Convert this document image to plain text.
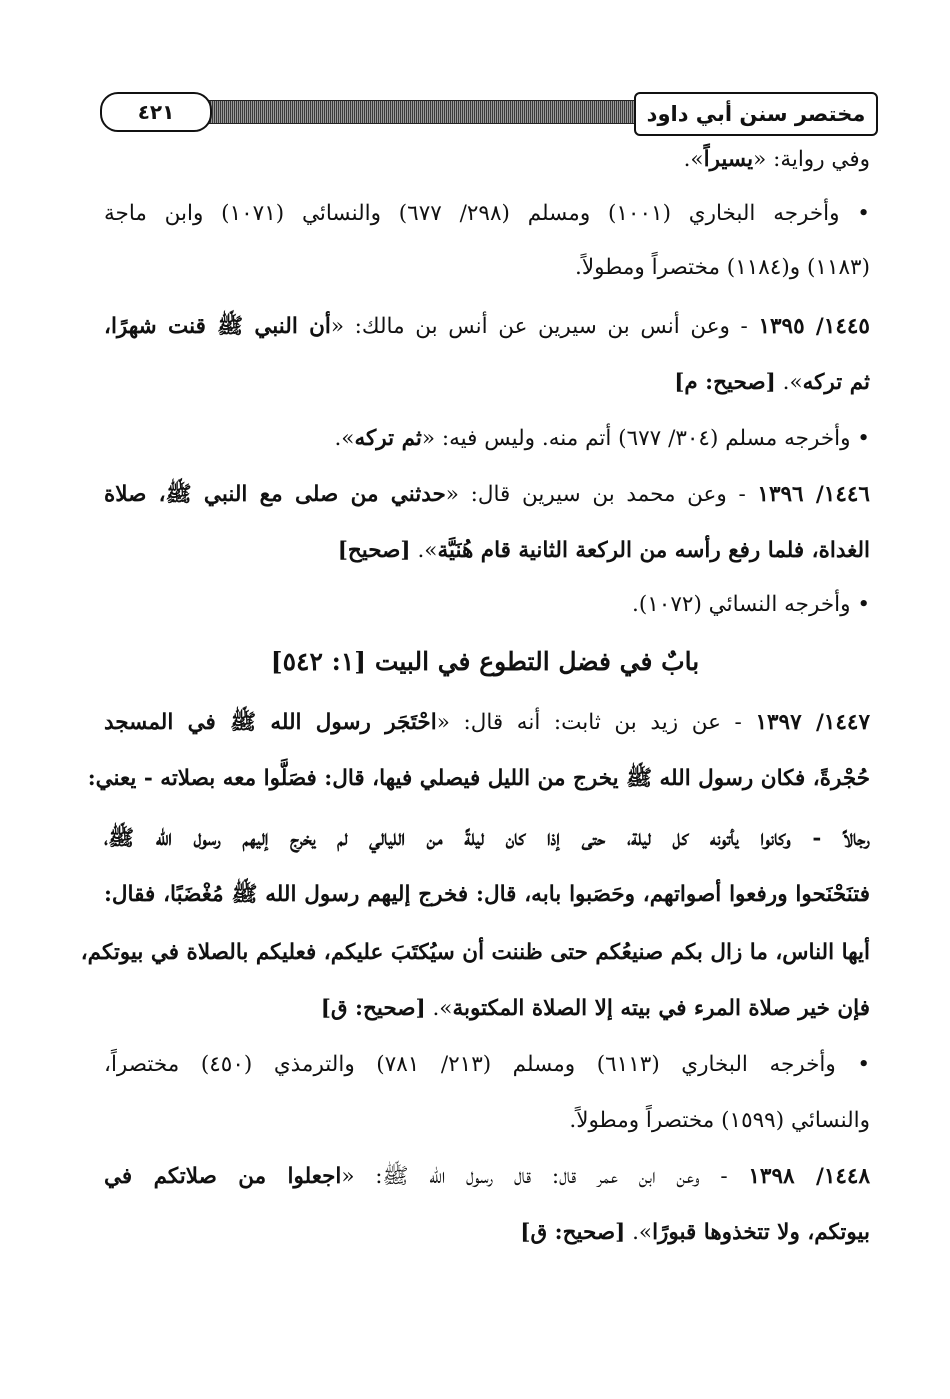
٤٢١	مختصر سنن أبي داود
وفي رواية: «يسيراً».
• وأخرجه البخاري (١٠٠١) ومسلم (٢٩٨/ ٦٧٧) والنسائي (١٠٧١) وابن ماجة
(١١٨٣) و(١١٨٤) مختصراً ومطولاً.
١٤٤٥/ ١٣٩٥ - وعن أنس بن سيرين عن أنس بن مالك: «أن النبي ﷺ قنت شهرًا،
ثم تركه». [صحيح: م]
• وأخرجه مسلم (٣٠٤/ ٦٧٧) أتم منه. وليس فيه: «ثم تركه».
١٤٤٦/ ١٣٩٦ - وعن محمد بن سيرين قال: «حدثني من صلى مع النبي ﷺ، صلاة
الغداة، فلما رفع رأسه من الركعة الثانية قام هُنَيَّة». [صحيح]
• وأخرجه النسائي (١٠٧٢).
بابٌ في فضل التطوع في البيت [١: ٥٤٢]
١٤٤٧/ ١٣٩٧ - عن زيد بن ثابت: أنه قال: «احْتَجَر رسول الله ﷺ في المسجد
حُجْرةً، فكان رسول الله ﷺ يخرج من الليل فيصلي فيها، قال: فصَلَّوا معه بصلاته - يعني:
رجالاً - وكانوا يأتونه كل ليلة، حتى إذا كان ليلةً من الليالي لم يخرج إليهم رسول الله ﷺ،
فتنَحْنَحوا ورفعوا أصواتهم، وحَصَبوا بابه، قال: فخرج إليهم رسول الله ﷺ مُغْضَبًا، فقال:
أيها الناس، ما زال بكم صنيعُكم حتى ظننت أن سيُكتَبَ عليكم، فعليكم بالصلاة في بيوتكم،
فإن خير صلاة المرء في بيته إلا الصلاة المكتوبة». [صحيح: ق]
• وأخرجه البخاري (٦١١٣) ومسلم (٢١٣/ ٧٨١) والترمذي (٤٥٠) مختصراً،
والنسائي (١٥٩٩) مختصراً ومطولاً.
١٤٤٨/ ١٣٩٨ - وعن ابن عمر قال: قال رسول الله ﷺ: «اجعلوا من صلاتكم في
بيوتكم، ولا تتخذوها قبورًا». [صحيح: ق]
